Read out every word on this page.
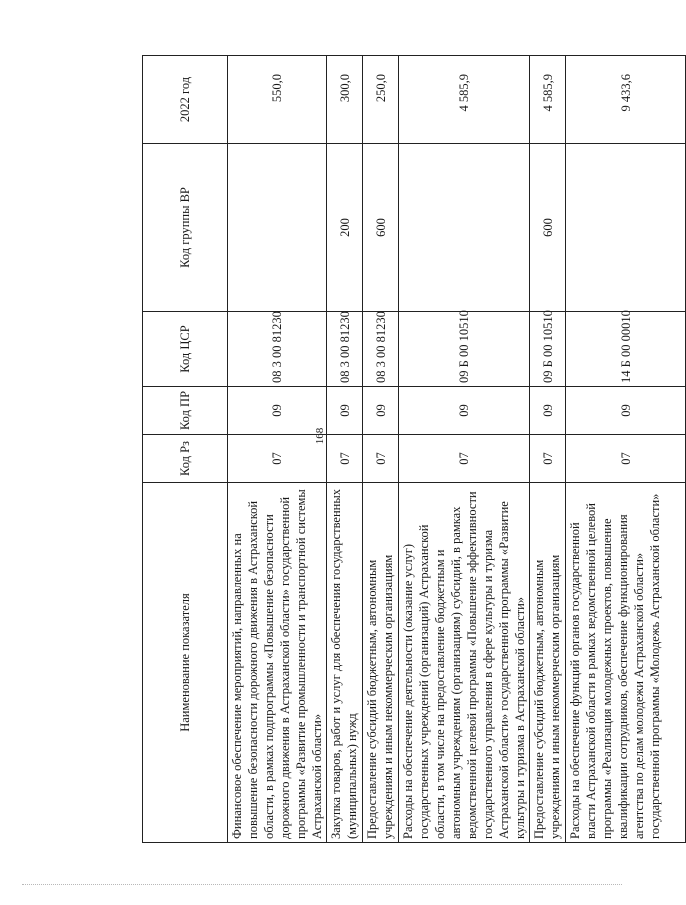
168
Наименование показателя	Код Рз	Код ПР	Код ЦСР	Код группы ВР	2022 год
Финансовое обеспечение мероприятий, направленных на повышение безопасности дорожного движения в Астраханской области, в рамках подпрограммы «Повышение безопасности дорожного движения в Астраханской области» государственной программы «Развитие промышленности и транспортной системы Астраханской области»	07	09	08 3 00 81230		550,0
Закупка товаров, работ и услуг для обеспечения государственных (муниципальных) нужд	07	09	08 3 00 81230	200	300,0
Предоставление субсидий бюджетным, автономным учреждениям и иным некоммерческим организациям	07	09	08 3 00 81230	600	250,0
Расходы на обеспечение деятельности (оказание услуг) государственных учреждений (организаций) Астраханской области, в том числе на предоставление бюджетным и автономным учреждениям (организациям) субсидий, в рамках ведомственной целевой программы «Повышение эффективности государственного управления в сфере культуры и туризма Астраханской области» государственной программы «Развитие культуры и туризма в Астраханской области»	07	09	09 Б 00 10510		4 585,9
Предоставление субсидий бюджетным, автономным учреждениям и иным некоммерческим организациям	07	09	09 Б 00 10510	600	4 585,9
Расходы на обеспечение функций органов государственной власти Астраханской области в рамках ведомственной целевой программы «Реализация молодежных проектов, повышение квалификации сотрудников, обеспечение функционирования агентства по делам молодежи Астраханской области» государственной программы «Молодежь Астраханской области»	07	09	14 Б 00 00010		9 433,6
